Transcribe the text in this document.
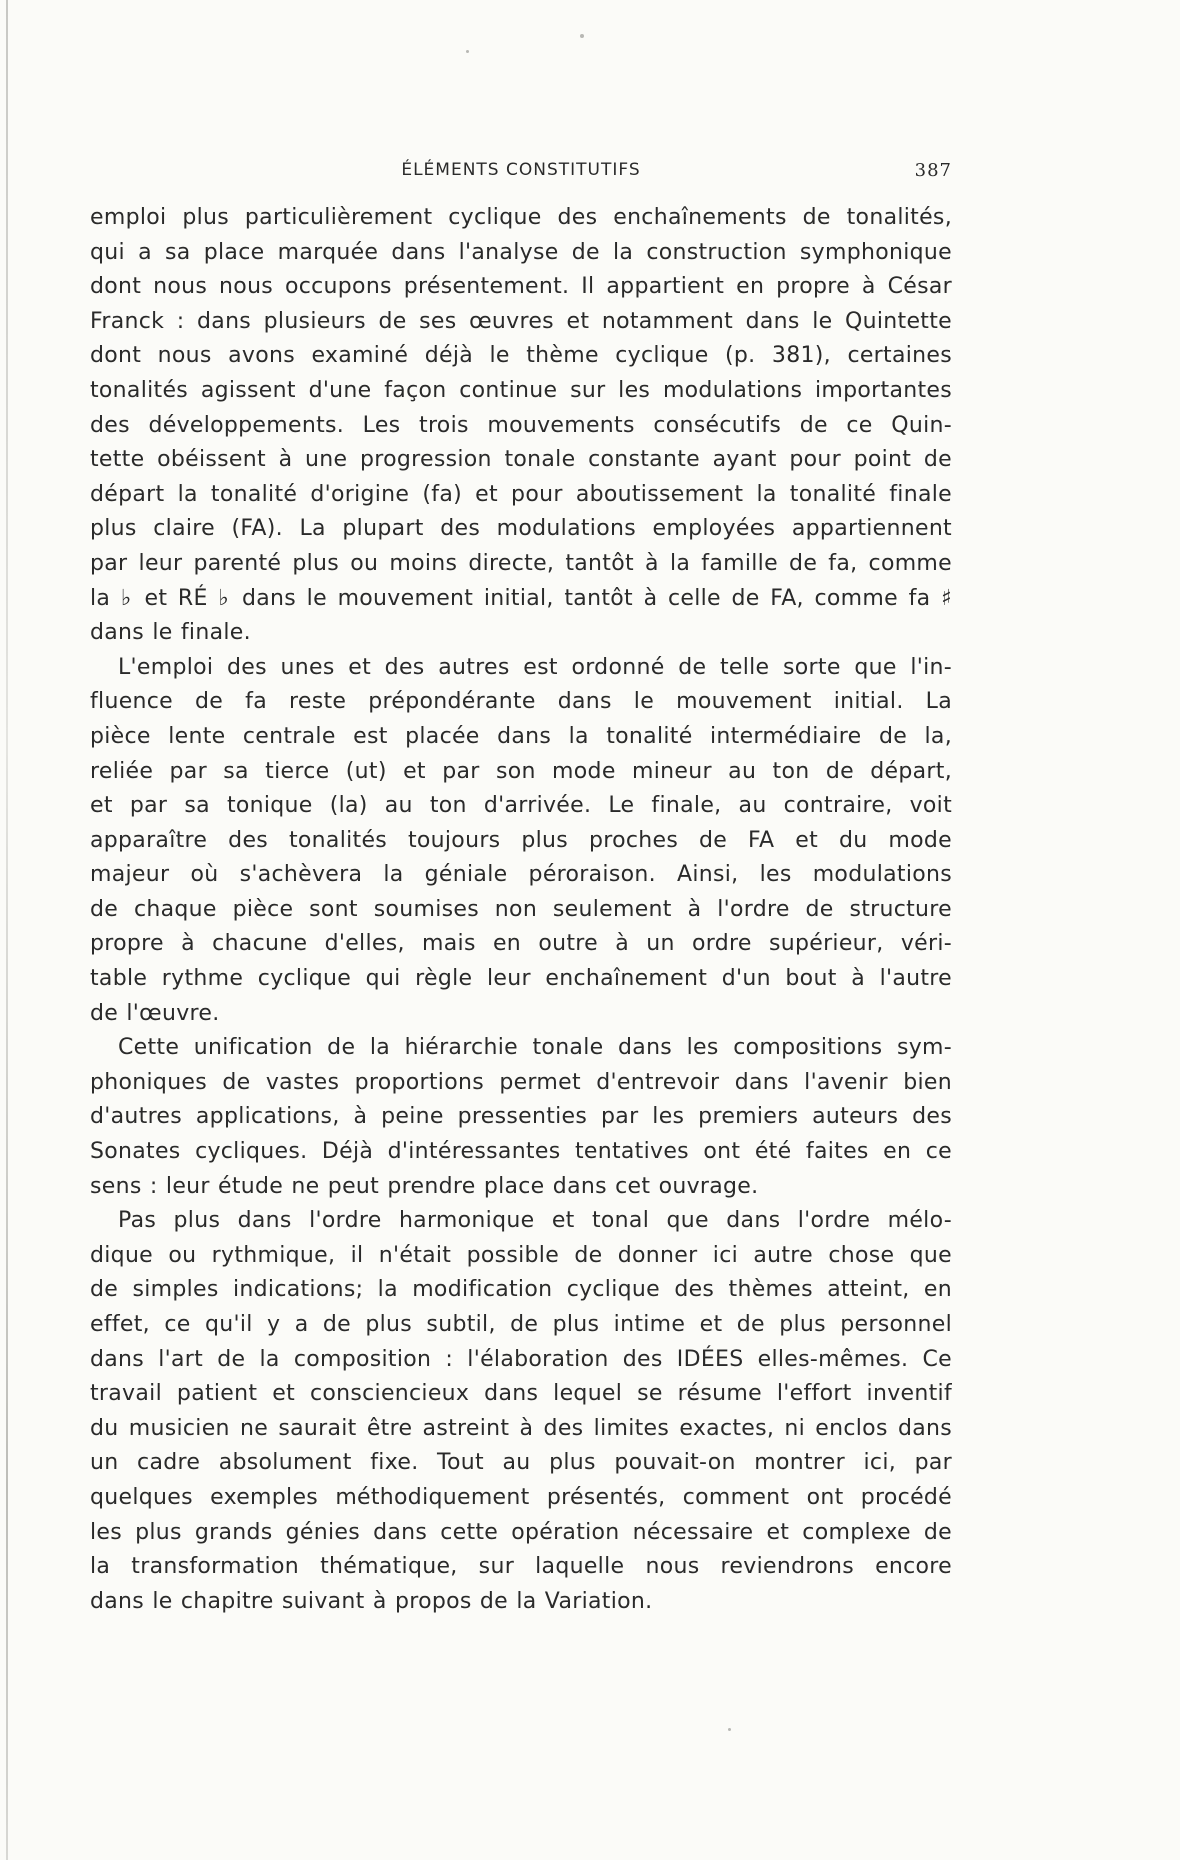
ÉLÉMENTS CONSTITUTIFS	387
emploi plus particulièrement cyclique des enchaînements de tonalités,
qui a sa place marquée dans l'analyse de la construction symphonique
dont nous nous occupons présentement. Il appartient en propre à César
Franck : dans plusieurs de ses œuvres et notamment dans le Quintette
dont nous avons examiné déjà le thème cyclique (p. 381), certaines
tonalités agissent d'une façon continue sur les modulations importantes
des développements. Les trois mouvements consécutifs de ce Quin-
tette obéissent à une progression tonale constante ayant pour point de
départ la tonalité d'origine (fa) et pour aboutissement la tonalité finale
plus claire (FA). La plupart des modulations employées appartiennent
par leur parenté plus ou moins directe, tantôt à la famille de fa, comme
la ♭ et RÉ ♭ dans le mouvement initial, tantôt à celle de FA, comme fa ♯
dans le finale.
L'emploi des unes et des autres est ordonné de telle sorte que l'in-
fluence de fa reste prépondérante dans le mouvement initial. La
pièce lente centrale est placée dans la tonalité intermédiaire de la,
reliée par sa tierce (ut) et par son mode mineur au ton de départ,
et par sa tonique (la) au ton d'arrivée. Le finale, au contraire, voit
apparaître des tonalités toujours plus proches de FA et du mode
majeur où s'achèvera la géniale péroraison. Ainsi, les modulations
de chaque pièce sont soumises non seulement à l'ordre de structure
propre à chacune d'elles, mais en outre à un ordre supérieur, véri-
table rythme cyclique qui règle leur enchaînement d'un bout à l'autre
de l'œuvre.
Cette unification de la hiérarchie tonale dans les compositions sym-
phoniques de vastes proportions permet d'entrevoir dans l'avenir bien
d'autres applications, à peine pressenties par les premiers auteurs des
Sonates cycliques. Déjà d'intéressantes tentatives ont été faites en ce
sens : leur étude ne peut prendre place dans cet ouvrage.
Pas plus dans l'ordre harmonique et tonal que dans l'ordre mélo-
dique ou rythmique, il n'était possible de donner ici autre chose que
de simples indications; la modification cyclique des thèmes atteint, en
effet, ce qu'il y a de plus subtil, de plus intime et de plus personnel
dans l'art de la composition : l'élaboration des IDÉES elles-mêmes. Ce
travail patient et consciencieux dans lequel se résume l'effort inventif
du musicien ne saurait être astreint à des limites exactes, ni enclos dans
un cadre absolument fixe. Tout au plus pouvait-on montrer ici, par
quelques exemples méthodiquement présentés, comment ont procédé
les plus grands génies dans cette opération nécessaire et complexe de
la transformation thématique, sur laquelle nous reviendrons encore
dans le chapitre suivant à propos de la Variation.
